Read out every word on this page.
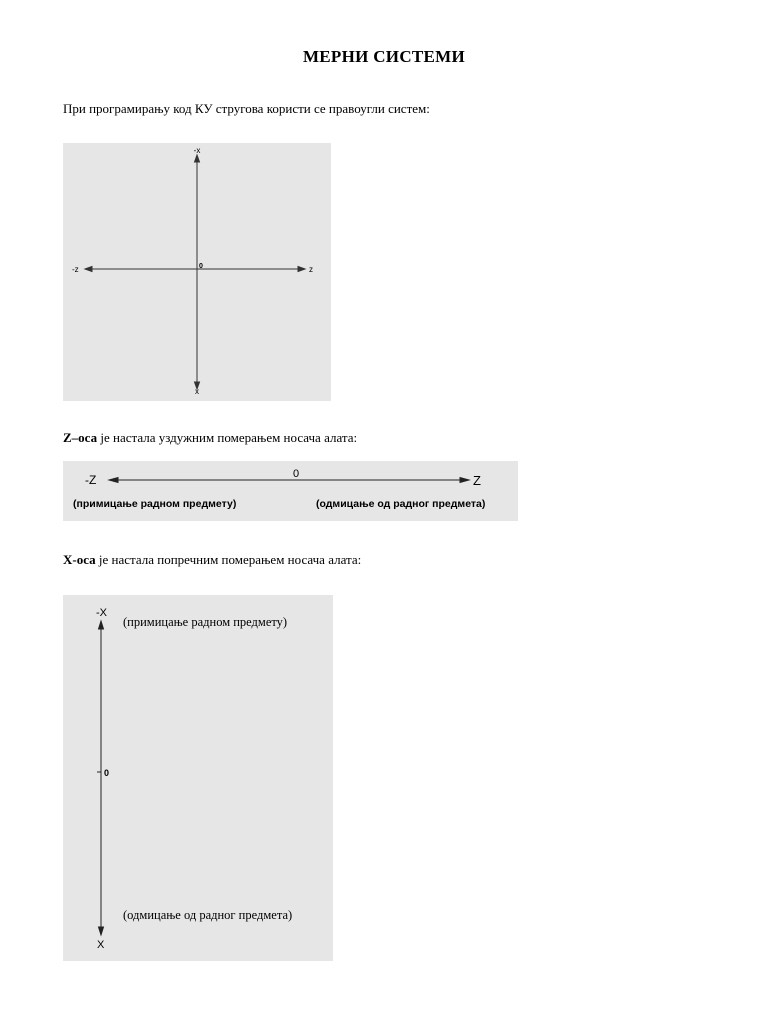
МЕРНИ СИСТЕМИ
При програмирању код КУ стругова користи се правоугли систем:
-x
x
-z	z
0
Z–оса је настала уздужним померањем носача алата:
-Z	Z
0
(примицање радном предмету)	(одмицање од радног предмета)
X-оса је настала попречним померањем носача алата:
-X
X
0
(примицање радном предмету)
(одмицање од радног предмета)
